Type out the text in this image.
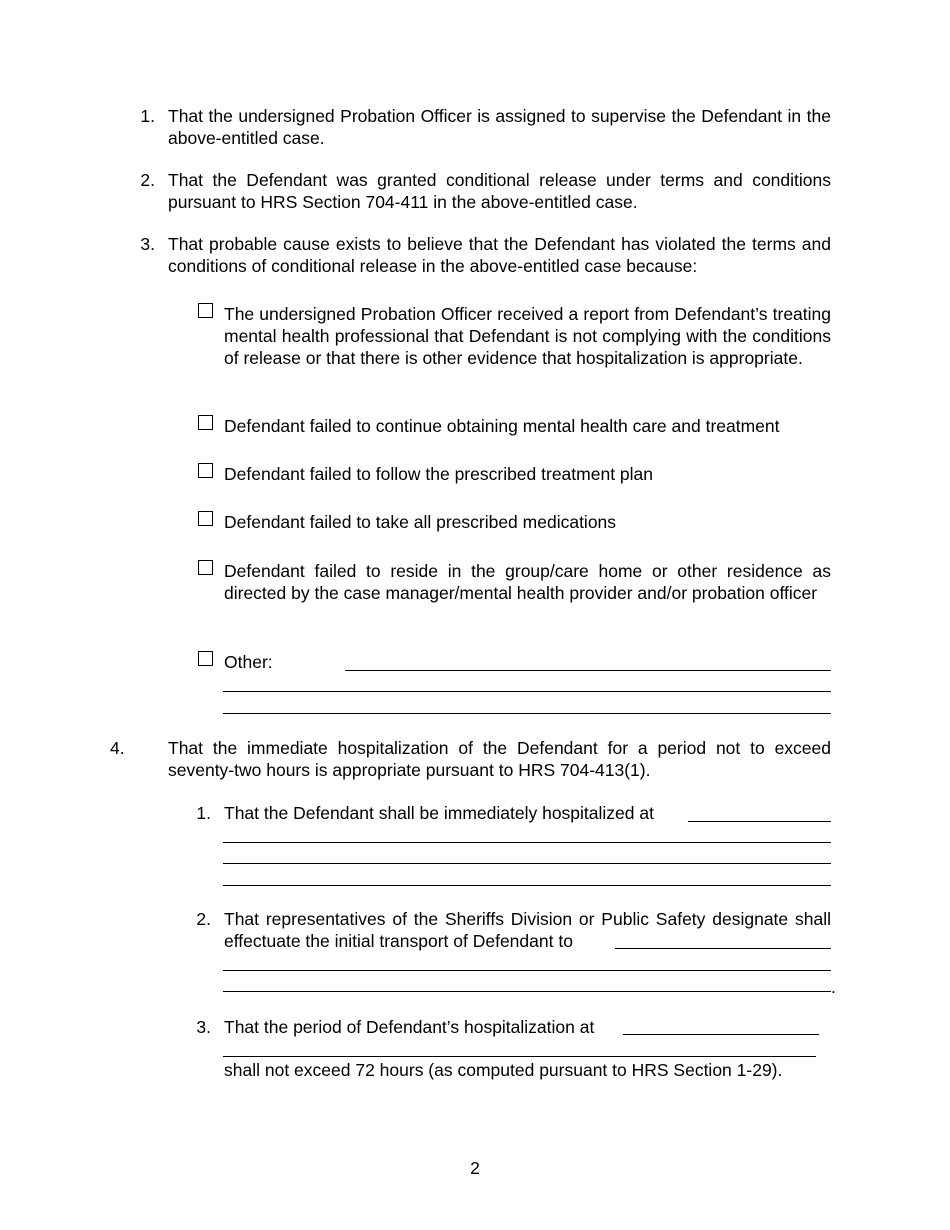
1. That the undersigned Probation Officer is assigned to supervise the Defendant in the above-entitled case.
2. That the Defendant was granted conditional release under terms and conditions pursuant to HRS Section 704-411 in the above-entitled case.
3. That probable cause exists to believe that the Defendant has violated the terms and conditions of conditional release in the above-entitled case because:
The undersigned Probation Officer received a report from Defendant’s treating mental health professional that Defendant is not complying with the conditions of release or that there is other evidence that hospitalization is appropriate.
Defendant failed to continue obtaining mental health care and treatment
Defendant failed to follow the prescribed treatment plan
Defendant failed to take all prescribed medications
Defendant failed to reside in the group/care home or other residence as directed by the case manager/mental health provider and/or probation officer
Other:
4. That the immediate hospitalization of the Defendant for a period not to exceed seventy-two hours is appropriate pursuant to HRS 704-413(1).
1. That the Defendant shall be immediately hospitalized at
2. That representatives of the Sheriffs Division or Public Safety designate shall effectuate the initial transport of Defendant to
.
3. That the period of Defendant’s hospitalization at
shall not exceed 72 hours (as computed pursuant to HRS Section 1-29).
2
